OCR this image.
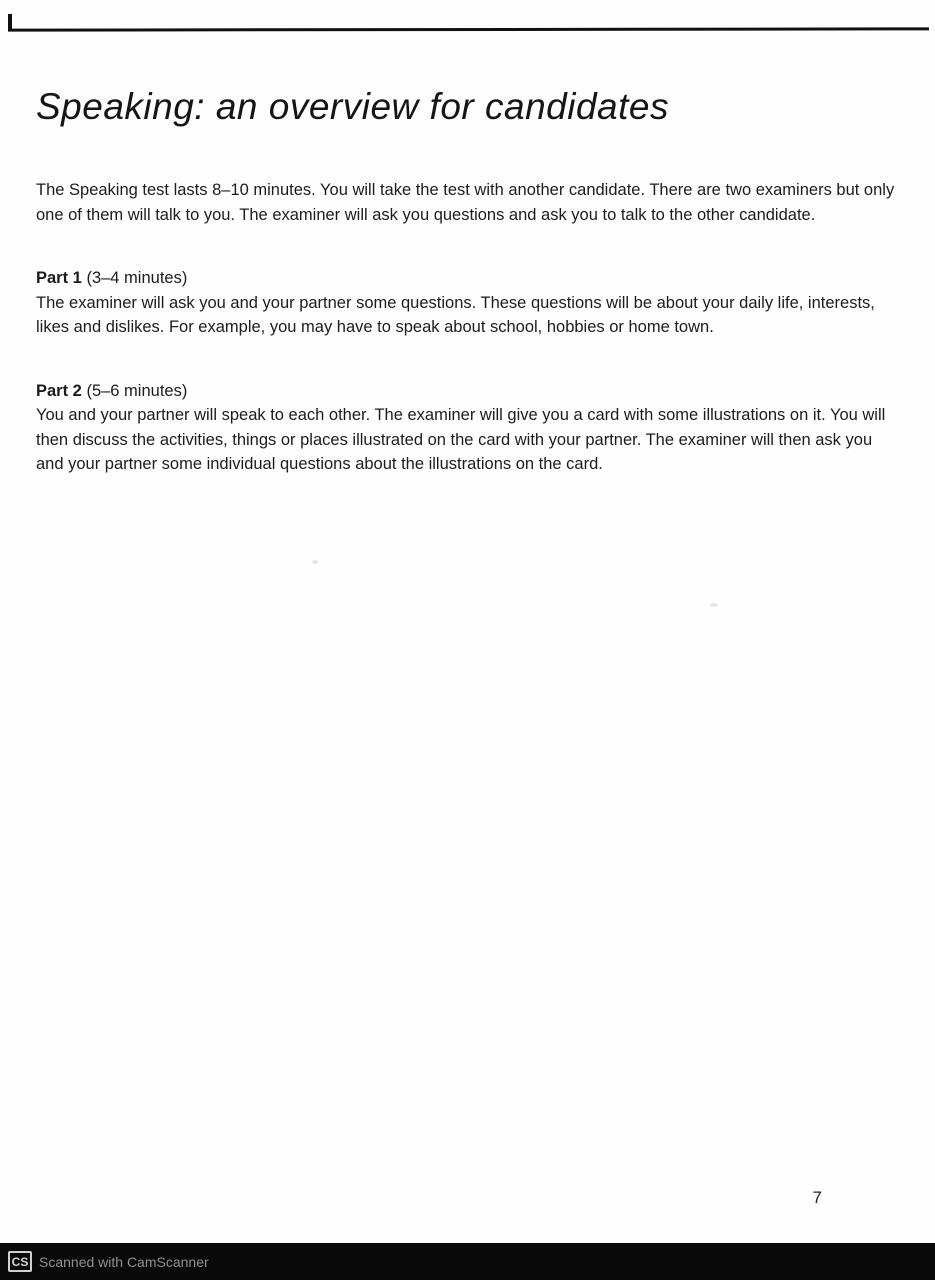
Speaking: an overview for candidates

The Speaking test lasts 8–10 minutes. You will take the test with another candidate. There are two examiners but only one of them will talk to you. The examiner will ask you questions and ask you to talk to the other candidate.

Part 1 (3–4 minutes)

The examiner will ask you and your partner some questions. These questions will be about your daily life, interests, likes and dislikes. For example, you may have to speak about school, hobbies or home town.

Part 2 (5–6 minutes)

You and your partner will speak to each other. The examiner will give you a card with some illustrations on it. You will then discuss the activities, things or places illustrated on the card with your partner. The examiner will then ask you and your partner some individual questions about the illustrations on the card.

7
CS Scanned with CamScanner
